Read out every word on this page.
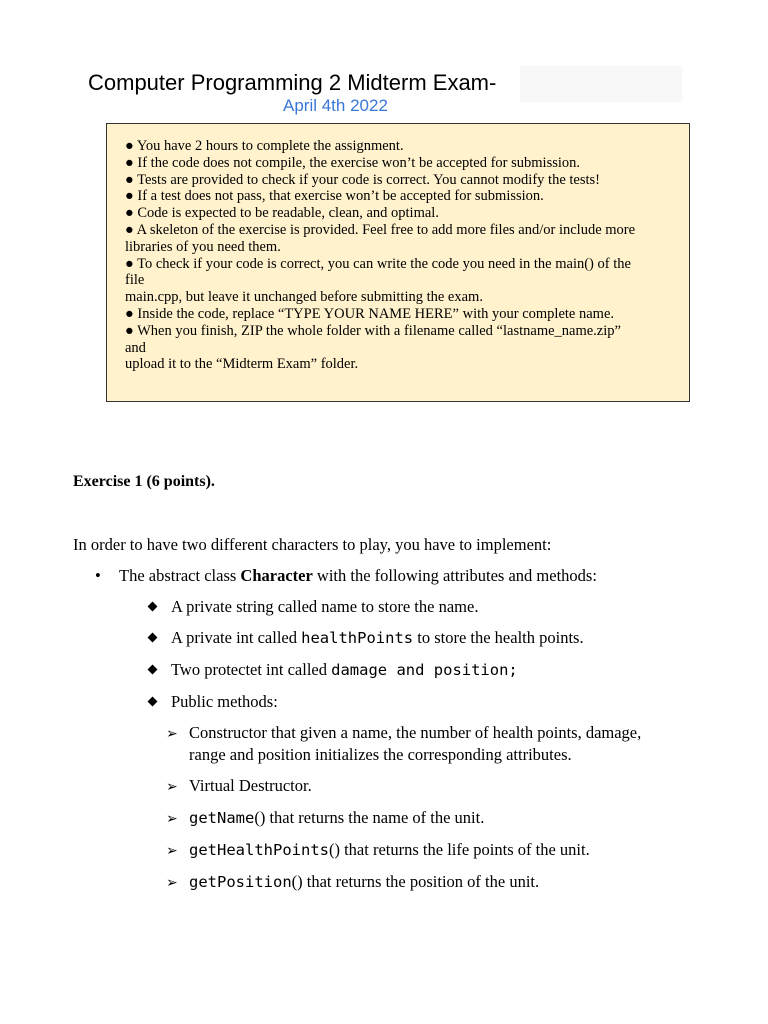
Computer Programming 2 Midterm Exam-
April 4th 2022

● You have 2 hours to complete the assignment.

● If the code does not compile, the exercise won’t be accepted for submission.

● Tests are provided to check if your code is correct. You cannot modify the tests!

● If a test does not pass, that exercise won’t be accepted for submission.

● Code is expected to be readable, clean, and optimal.

● A skeleton of the exercise is provided. Feel free to add more files and/or include more

libraries of you need them.

● To check if your code is correct, you can write the code you need in the main() of the

file

main.cpp, but leave it unchanged before submitting the exam.

● Inside the code, replace “TYPE YOUR NAME HERE” with your complete name.

● When you finish, ZIP the whole folder with a filename called “lastname_name.zip”

and

upload it to the “Midterm Exam” folder.

Exercise 1 (6 points).
In order to have two different characters to play, you have to implement:
• The abstract class Character with the following attributes and methods:
A private string called name to store the name.
A private int called healthPoints to store the health points.
Two protectet int called damage and position;
Public methods:
➢ Constructor that given a name, the number of health points, damage,
range and position initializes the corresponding attributes.
➢ Virtual Destructor.
➢ getName() that returns the name of the unit.
➢ getHealthPoints() that returns the life points of the unit.
➢ getPosition() that returns the position of the unit.
